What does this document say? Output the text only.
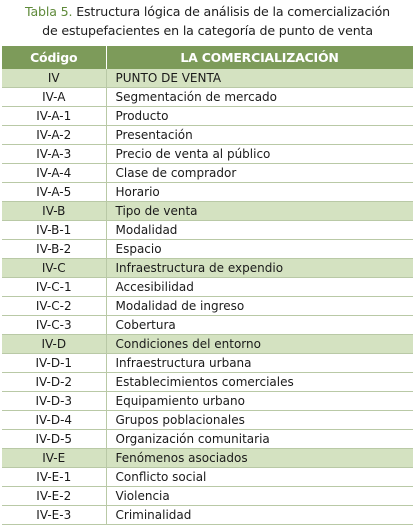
Tabla 5. Estructura lógica de análisis de la comercialización
de estupefacientes en la categoría de punto de venta
Código	LA COMERCIALIZACIÓN
IV	PUNTO DE VENTA
IV-A	Segmentación de mercado
IV-A-1	Producto
IV-A-2	Presentación
IV-A-3	Precio de venta al público
IV-A-4	Clase de comprador
IV-A-5	Horario
IV-B	Tipo de venta
IV-B-1	Modalidad
IV-B-2	Espacio
IV-C	Infraestructura de expendio
IV-C-1	Accesibilidad
IV-C-2	Modalidad de ingreso
IV-C-3	Cobertura
IV-D	Condiciones del entorno
IV-D-1	Infraestructura urbana
IV-D-2	Establecimientos comerciales
IV-D-3	Equipamiento urbano
IV-D-4	Grupos poblacionales
IV-D-5	Organización comunitaria
IV-E	Fenómenos asociados
IV-E-1	Conflicto social
IV-E-2	Violencia
IV-E-3	Criminalidad
